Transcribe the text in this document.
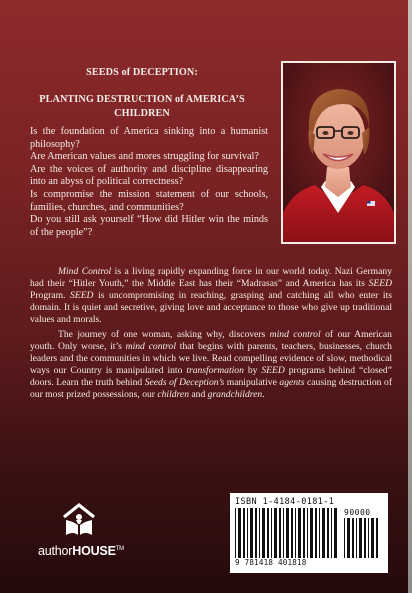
SEEDS of DECEPTION:
PLANTING DESTRUCTION of AMERICA’S
CHILDREN

Is the foundation of America sinking into a humanist philosophy?

Are American values and mores struggling for survival?

Are the voices of authority and discipline disappearing into an abyss of political correctness?

Is compromise the mission statement of our schools, families, churches, and communities?

Do you still ask yourself “How did Hitler win the minds of the people”?

Mind Control is a living rapidly expanding force in our world today. Nazi Germany had their “Hitler Youth,” the Middle East has their “Madrasas” and America has its SEED Program. SEED is uncompromising in reaching, grasping and catching all who enter its domain. It is quiet and secretive, giving love and acceptance to those who give up traditional values and morals.

The journey of one woman, asking why, discovers mind control of our American youth. Only worse, it’s mind control that begins with parents, teachers, businesses, church leaders and the communities in which we live. Read compelling evidence of slow, methodical ways our Country is manipulated into transformation by SEED programs behind “closed” doors. Learn the truth behind Seeds of Deception’s manipulative agents causing destruction of our most prized possessions, our children and grandchildren.

authorHOUSE™
ISBN 1-4184-0181-1
90000
9 781418 401818
